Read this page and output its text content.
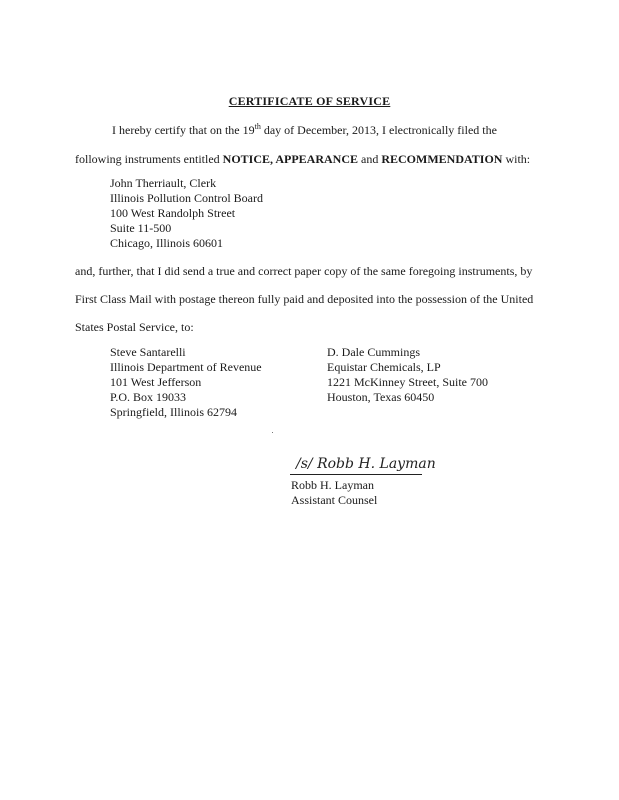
CERTIFICATE OF SERVICE
I hereby certify that on the 19th day of December, 2013, I electronically filed the
following instruments entitled NOTICE, APPEARANCE and RECOMMENDATION with:
John Therriault, Clerk
Illinois Pollution Control Board
100 West Randolph Street
Suite 11-500
Chicago, Illinois 60601
and, further, that I did send a true and correct paper copy of the same foregoing instruments, by
First Class Mail with postage thereon fully paid and deposited into the possession of the United
States Postal Service, to:
Steve Santarelli
Illinois Department of Revenue
101 West Jefferson
P.O. Box 19033
Springfield, Illinois 62794
D. Dale Cummings
Equistar Chemicals, LP
1221 McKinney Street, Suite 700
Houston, Texas 60450
/s/ Robb H. Layman
Robb H. Layman
Assistant Counsel
